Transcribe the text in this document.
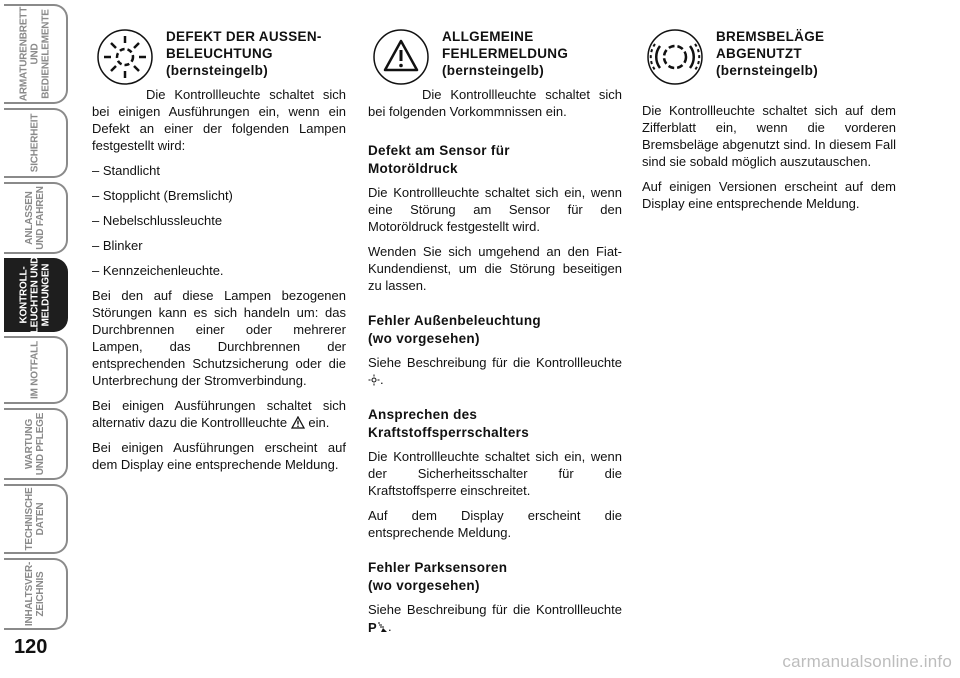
ARMATURENBRETT
UND
BEDIENELEMENTE
SICHERHEIT
ANLASSEN
UND FAHREN
KONTROLL-
LEUCHTEN UND
MELDUNGEN
IM NOTFALL
WARTUNG
UND PFLEGE
TECHNISCHE
DATEN
INHALTSVER-
ZEICHNIS
120
DEFEKT DER AUSSEN-
BELEUCHTUNG
(bernsteingelb)

Die Kontrollleuchte schaltet sich bei einigen Ausführungen ein, wenn ein Defekt an einer der folgenden Lampen festgestellt wird:

– Standlicht
– Stopplicht (Bremslicht)
– Nebelschlussleuchte
– Blinker
– Kennzeichenleuchte.

Bei den auf diese Lampen bezogenen Störungen kann es sich handeln um: das Durchbrennen einer oder mehrerer Lampen, das Durchbrennen der entsprechenden Schutzsicherung oder die Unterbrechung der Stromverbindung.

Bei einigen Ausführungen schaltet sich alternativ dazu die Kontrollleuchte ein.

Bei einigen Ausführungen erscheint auf dem Display eine entsprechende Meldung.

ALLGEMEINE
FEHLERMELDUNG
(bernsteingelb)

Die Kontrollleuchte schaltet sich bei folgenden Vorkommnissen ein.

Defekt am Sensor für
Motoröldruck

Die Kontrollleuchte schaltet sich ein, wenn eine Störung am Sensor für den Motoröldruck festgestellt wird.

Wenden Sie sich umgehend an den Fiat-Kundendienst, um die Störung beseitigen zu lassen.

Fehler Außenbeleuchtung
(wo vorgesehen)

Siehe Beschreibung für die Kontrollleuchte .

Ansprechen des
Kraftstoffsperrschalters

Die Kontrollleuchte schaltet sich ein, wenn der Sicherheitsschalter für die Kraftstoffsperre einschreitet.

Auf dem Display erscheint die entsprechende Meldung.

Fehler Parksensoren
(wo vorgesehen)

Siehe Beschreibung für die Kontrollleuchte
P .

BREMSBELÄGE
ABGENUTZT
(bernsteingelb)

Die Kontrollleuchte schaltet sich auf dem Zifferblatt ein, wenn die vorderen Bremsbeläge abgenutzt sind. In diesem Fall sind sie sobald möglich auszutauschen.

Auf einigen Versionen erscheint auf dem Display eine entsprechende Meldung.

carmanualsonline.info
